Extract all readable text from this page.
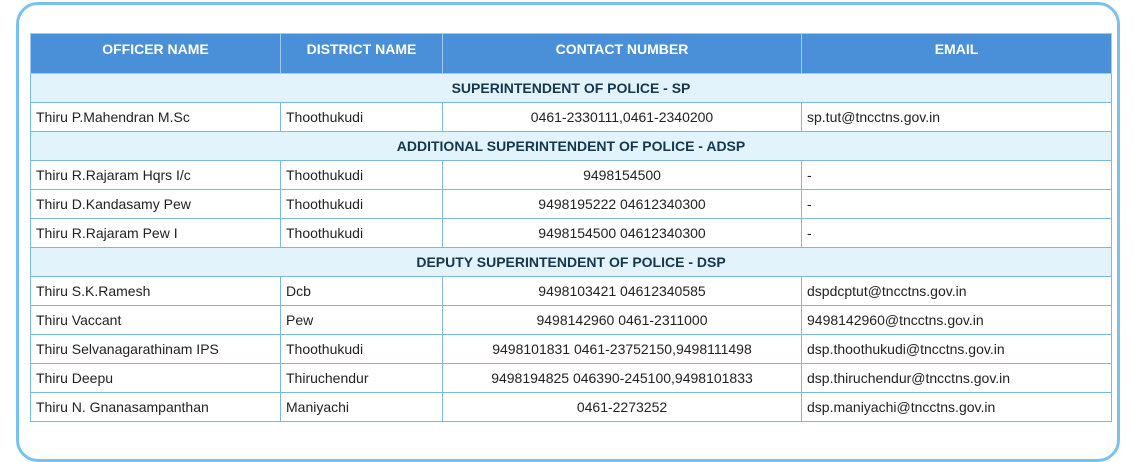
OFFICER NAME	DISTRICT NAME	CONTACT NUMBER	EMAIL
SUPERINTENDENT OF POLICE - SP			
Thiru P.Mahendran M.Sc	Thoothukudi	0461-2330111,0461-2340200	sp.tut@tncctns.gov.in
ADDITIONAL SUPERINTENDENT OF POLICE - ADSP			
Thiru R.Rajaram Hqrs I/c	Thoothukudi	9498154500	-
Thiru D.Kandasamy Pew	Thoothukudi	9498195222 04612340300	-
Thiru R.Rajaram Pew I	Thoothukudi	9498154500 04612340300	-
DEPUTY SUPERINTENDENT OF POLICE - DSP			
Thiru S.K.Ramesh	Dcb	9498103421 04612340585	dspdcptut@tncctns.gov.in
Thiru Vaccant	Pew	9498142960 0461-2311000	9498142960@tncctns.gov.in
Thiru Selvanagarathinam IPS	Thoothukudi	9498101831 0461-23752150,9498111498	dsp.thoothukudi@tncctns.gov.in
Thiru Deepu	Thiruchendur	9498194825 046390-245100,9498101833	dsp.thiruchendur@tncctns.gov.in
Thiru N. Gnanasampanthan	Maniyachi	0461-2273252	dsp.maniyachi@tncctns.gov.in
